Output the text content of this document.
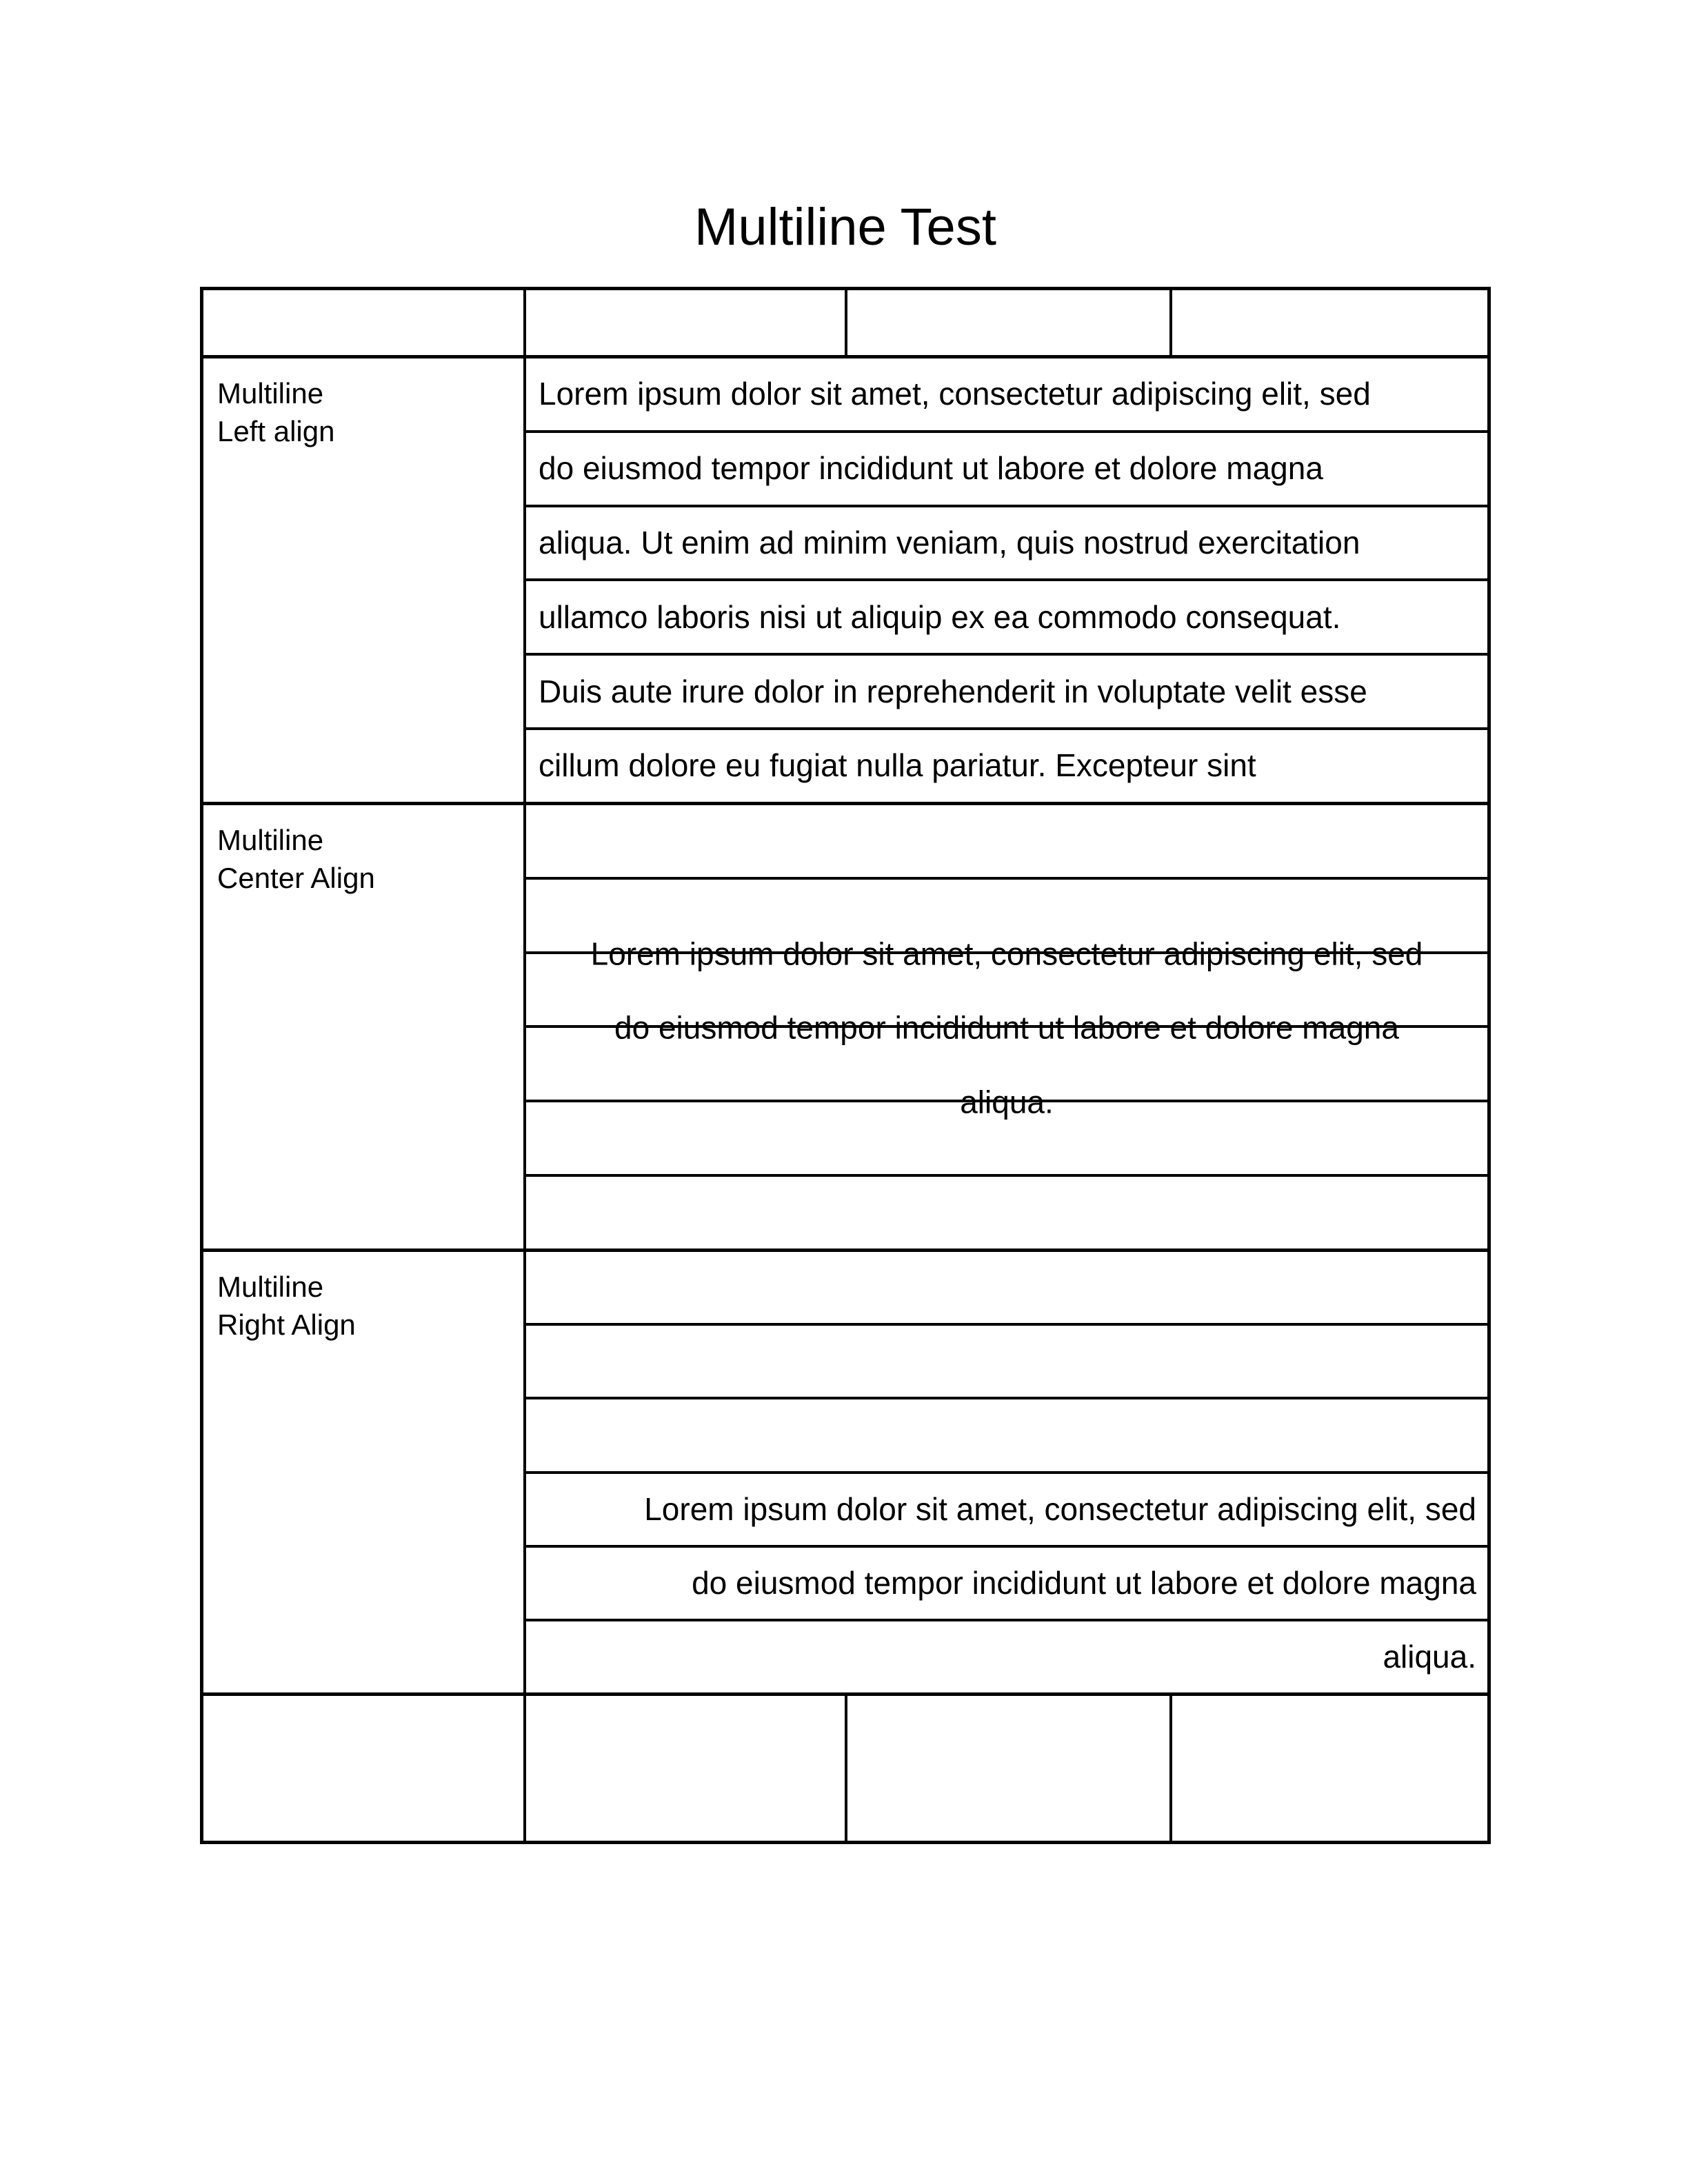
Multiline Test
Multiline
Left align
Lorem ipsum dolor sit amet, consectetur adipiscing elit, sed
do eiusmod tempor incididunt ut labore et dolore magna
aliqua. Ut enim ad minim veniam, quis nostrud exercitation
ullamco laboris nisi ut aliquip ex ea commodo consequat.
Duis aute irure dolor in reprehenderit in voluptate velit esse
cillum dolore eu fugiat nulla pariatur. Excepteur sint
Multiline
Center Align
Lorem ipsum dolor sit amet, consectetur adipiscing elit, sed
do eiusmod tempor incididunt ut labore et dolore magna
aliqua.
Multiline
Right Align
Lorem ipsum dolor sit amet, consectetur adipiscing elit, sed
do eiusmod tempor incididunt ut labore et dolore magna
aliqua.
